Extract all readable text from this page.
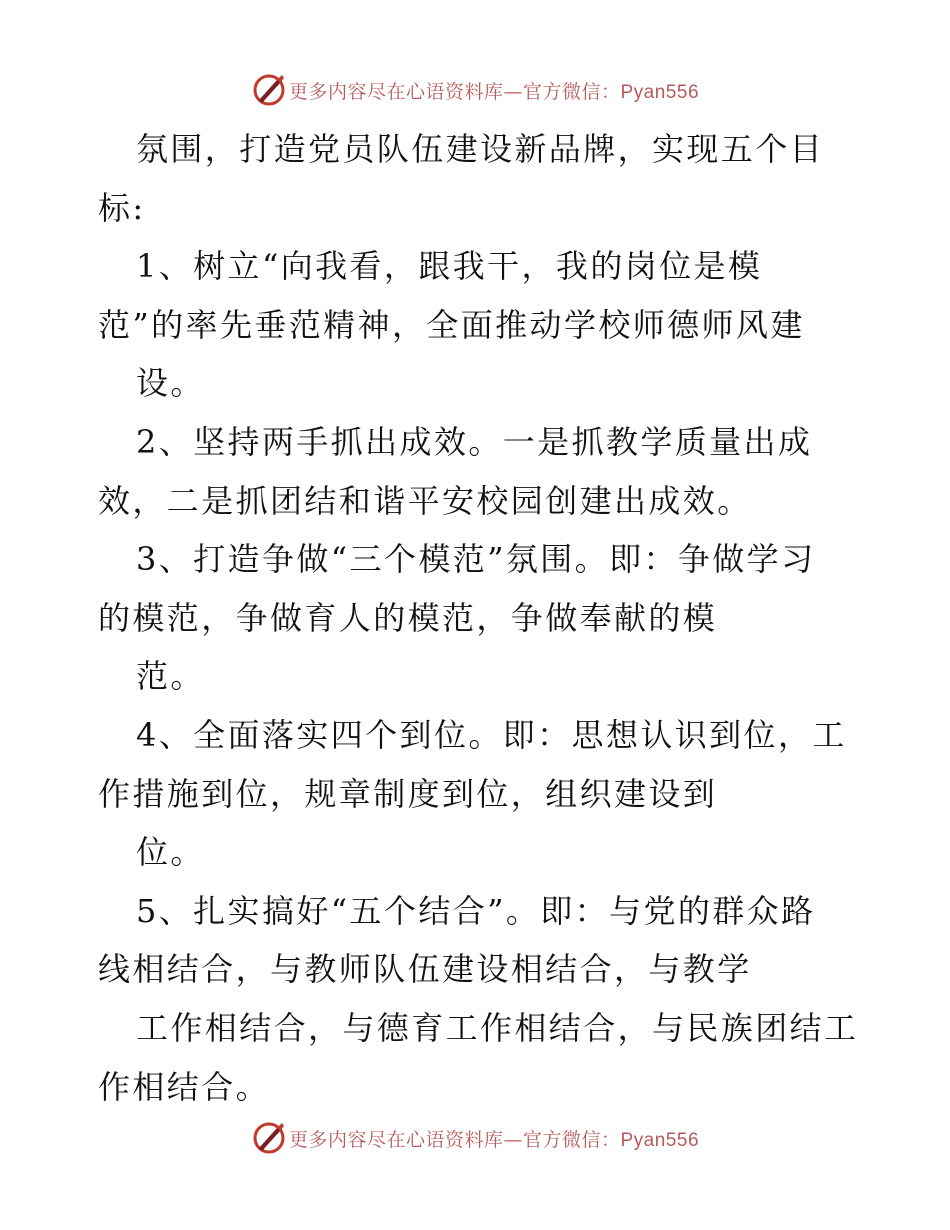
更多内容尽在心语资料库—官方微信：Pyan556
氛围，打造党员队伍建设新品牌，实现五个目
标:
1、树立“向我看，跟我干，我的岗位是模
范”的率先垂范精神，全面推动学校师德师风建
设。
2、坚持两手抓出成效。一是抓教学质量出成
效，二是抓团结和谐平安校园创建出成效。
3、打造争做“三个模范”氛围。即：争做学习
的模范，争做育人的模范，争做奉献的模
范。
4、全面落实四个到位。即：思想认识到位，工
作措施到位，规章制度到位，组织建设到
位。
5、扎实搞好“五个结合”。即：与党的群众路
线相结合，与教师队伍建设相结合，与教学
工作相结合，与德育工作相结合，与民族团结工
作相结合。
更多内容尽在心语资料库—官方微信：Pyan556
